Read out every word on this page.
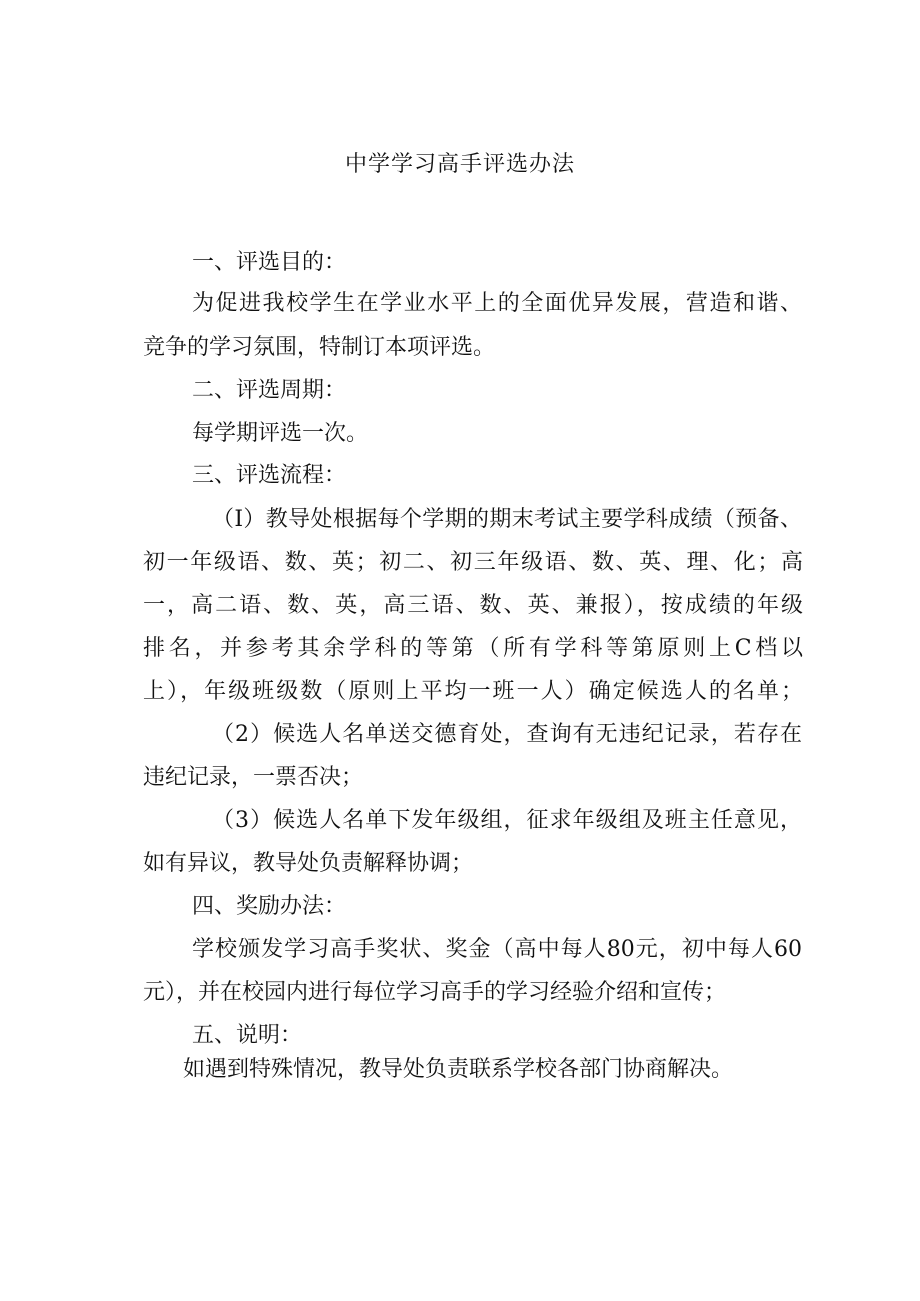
中学学习高手评选办法
一、评选目的：
为促进我校学生在学业水平上的全面优异发展，营造和谐、
竞争的学习氛围，特制订本项评选。
二、评选周期：
每学期评选一次。
三、评选流程：
（I）教导处根据每个学期的期末考试主要学科成绩（预备、
初一年级语、数、英；初二、初三年级语、数、英、理、化；高
一，高二语、数、英，高三语、数、英、兼报），按成绩的年级
排名，并参考其余学科的等第（所有学科等第原则上C档以
上），年级班级数（原则上平均一班一人）确定候选人的名单；
（2）候选人名单送交德育处，查询有无违纪记录，若存在
违纪记录，一票否决；
（3）候选人名单下发年级组，征求年级组及班主任意见，
如有异议，教导处负责解释协调；
四、奖励办法：
学校颁发学习高手奖状、奖金（高中每人80元，初中每人60
元），并在校园内进行每位学习高手的学习经验介绍和宣传；
五、说明：
如遇到特殊情况，教导处负责联系学校各部门协商解决。
